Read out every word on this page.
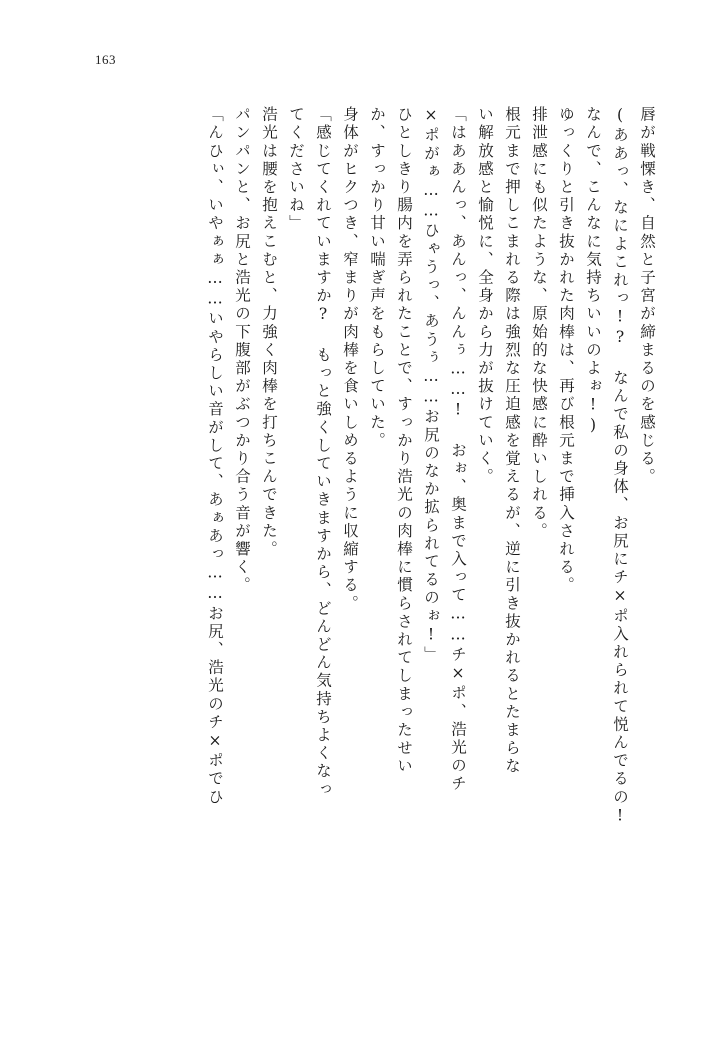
163
唇が戦慄き、自然と子宮が締まるのを感じる。
(ああっ、なによこれっ!? なんで私の身体、お尻にチ×ポ入れられて悦んでるの!
なんで、こんなに気持ちいいのよぉ!)
ゆっくりと引き抜かれた肉棒は、再び根元まで挿入される。
排泄感にも似たような、原始的な快感に酔いしれる。
根元まで押しこまれる際は強烈な圧迫感を覚えるが、逆に引き抜かれるとたまらな
い解放感と愉悦に、全身から力が抜けていく。
「はああんっ、あんっ、んんぅ……! おぉ、奥まで入って……チ×ポ、浩光のチ
×ポがぁ……ひゃうっ、あうぅ……お尻のなか拡られてるのぉ!」
ひとしきり腸内を弄られたことで、すっかり浩光の肉棒に慣らされてしまったせい
か、すっかり甘い喘ぎ声をもらしていた。
身体がヒクつき、窄まりが肉棒を食いしめるように収縮する。
「感じてくれていますか? もっと強くしていきますから、どんどん気持ちよくなっ
てくださいね」
浩光は腰を抱えこむと、力強く肉棒を打ちこんできた。
パンパンと、お尻と浩光の下腹部がぶつかり合う音が響く。
「んひぃ、いやぁぁ……いやらしい音がして、あぁあっ……お尻、浩光のチ×ポでひ
